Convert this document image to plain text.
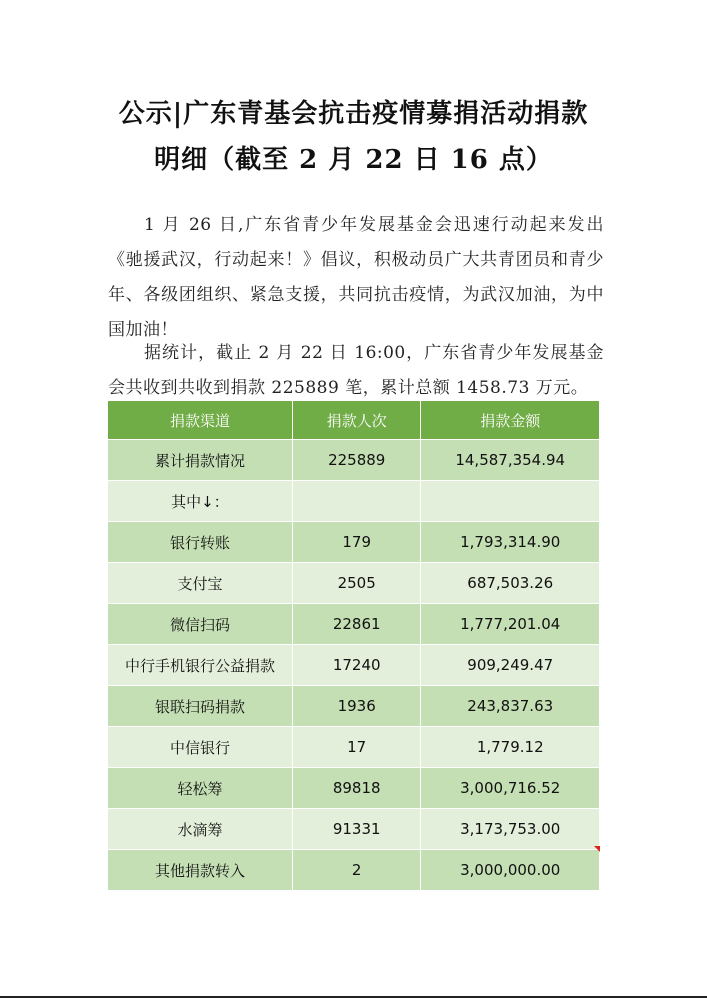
公示|广东青基会抗击疫情募捐活动捐款
明细（截至 2 月 22 日 16 点）
1 月 26 日,广东省青少年发展基金会迅速行动起来发出《驰援武汉，行动起来！》倡议，积极动员广大共青团员和青少年、各级团组织、紧急支援，共同抗击疫情，为武汉加油，为中国加油！
据统计，截止 2 月 22 日 16:00，广东省青少年发展基金会共收到共收到捐款 225889 笔，累计总额 1458.73 万元。
捐款渠道	捐款人次	捐款金额
累计捐款情况	225889	14,587,354.94
其中↓：		
银行转账	179	1,793,314.90
支付宝	2505	687,503.26
微信扫码	22861	1,777,201.04
中行手机银行公益捐款	17240	909,249.47
银联扫码捐款	1936	243,837.63
中信银行	17	1,779.12
轻松筹	89818	3,000,716.52
水滴筹	91331	3,173,753.00
其他捐款转入	2	3,000,000.00
